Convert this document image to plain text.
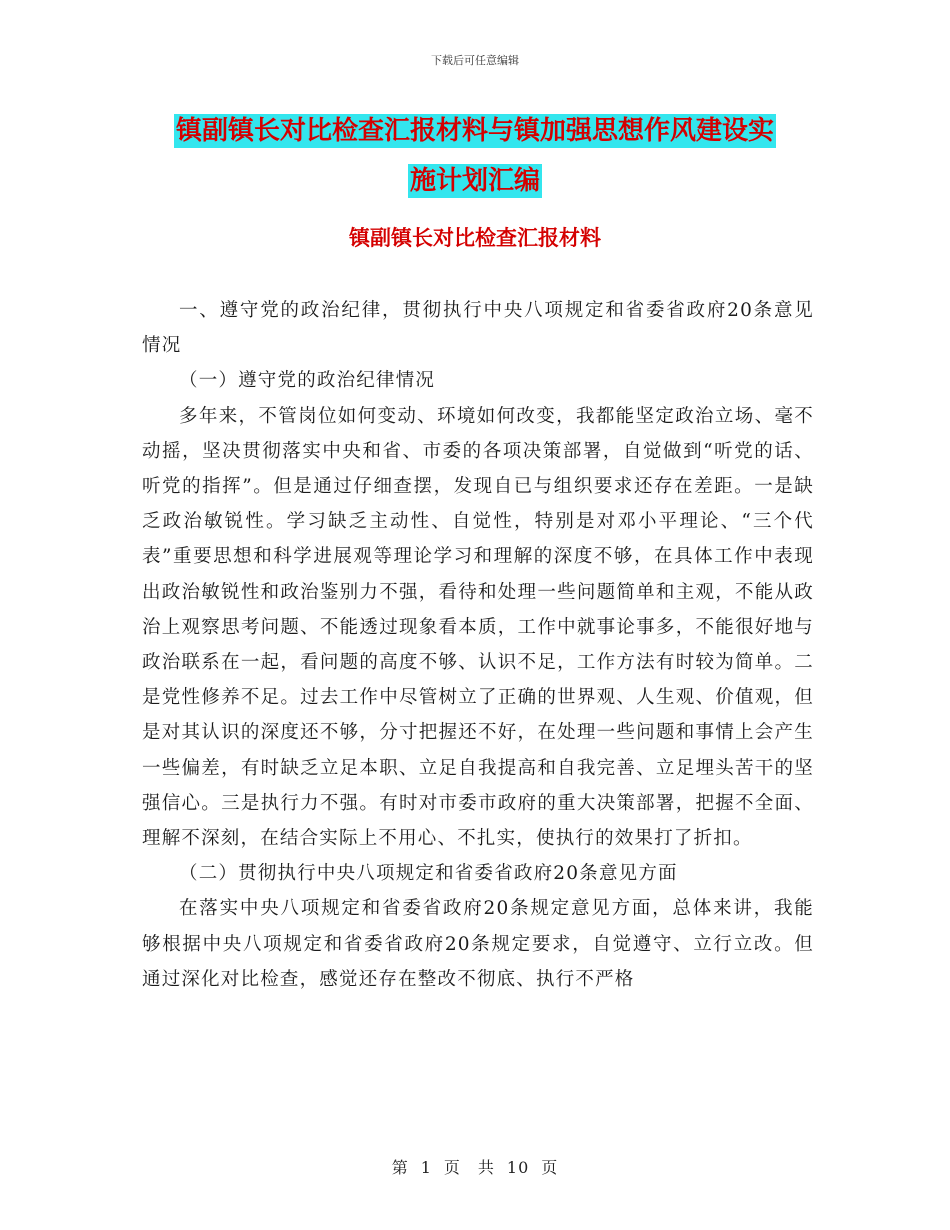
下载后可任意编辑
镇副镇长对比检查汇报材料与镇加强思想作风建设实
施计划汇编
镇副镇长对比检查汇报材料

一、遵守党的政治纪律，贯彻执行中央八项规定和省委省政府20条意见情况

（一）遵守党的政治纪律情况

多年来，不管岗位如何变动、环境如何改变，我都能坚定政治立场、毫不动摇，坚决贯彻落实中央和省、市委的各项决策部署，自觉做到“听党的话、听党的指挥”。但是通过仔细查摆，发现自已与组织要求还存在差距。一是缺乏政治敏锐性。学习缺乏主动性、自觉性，特别是对邓小平理论、“三个代表”重要思想和科学进展观等理论学习和理解的深度不够，在具体工作中表现出政治敏锐性和政治鉴别力不强，看待和处理一些问题简单和主观，不能从政治上观察思考问题、不能透过现象看本质，工作中就事论事多，不能很好地与政治联系在一起，看问题的高度不够、认识不足，工作方法有时较为简单。二是党性修养不足。过去工作中尽管树立了正确的世界观、人生观、价值观，但是对其认识的深度还不够，分寸把握还不好，在处理一些问题和事情上会产生一些偏差，有时缺乏立足本职、立足自我提高和自我完善、立足埋头苦干的坚强信心。三是执行力不强。有时对市委市政府的重大决策部署，把握不全面、理解不深刻，在结合实际上不用心、不扎实，使执行的效果打了折扣。

（二）贯彻执行中央八项规定和省委省政府20条意见方面

在落实中央八项规定和省委省政府20条规定意见方面，总体来讲，我能够根据中央八项规定和省委省政府20条规定要求，自觉遵守、立行立改。但通过深化对比检查，感觉还存在整改不彻底、执行不严格

第 1 页　共 10 页
